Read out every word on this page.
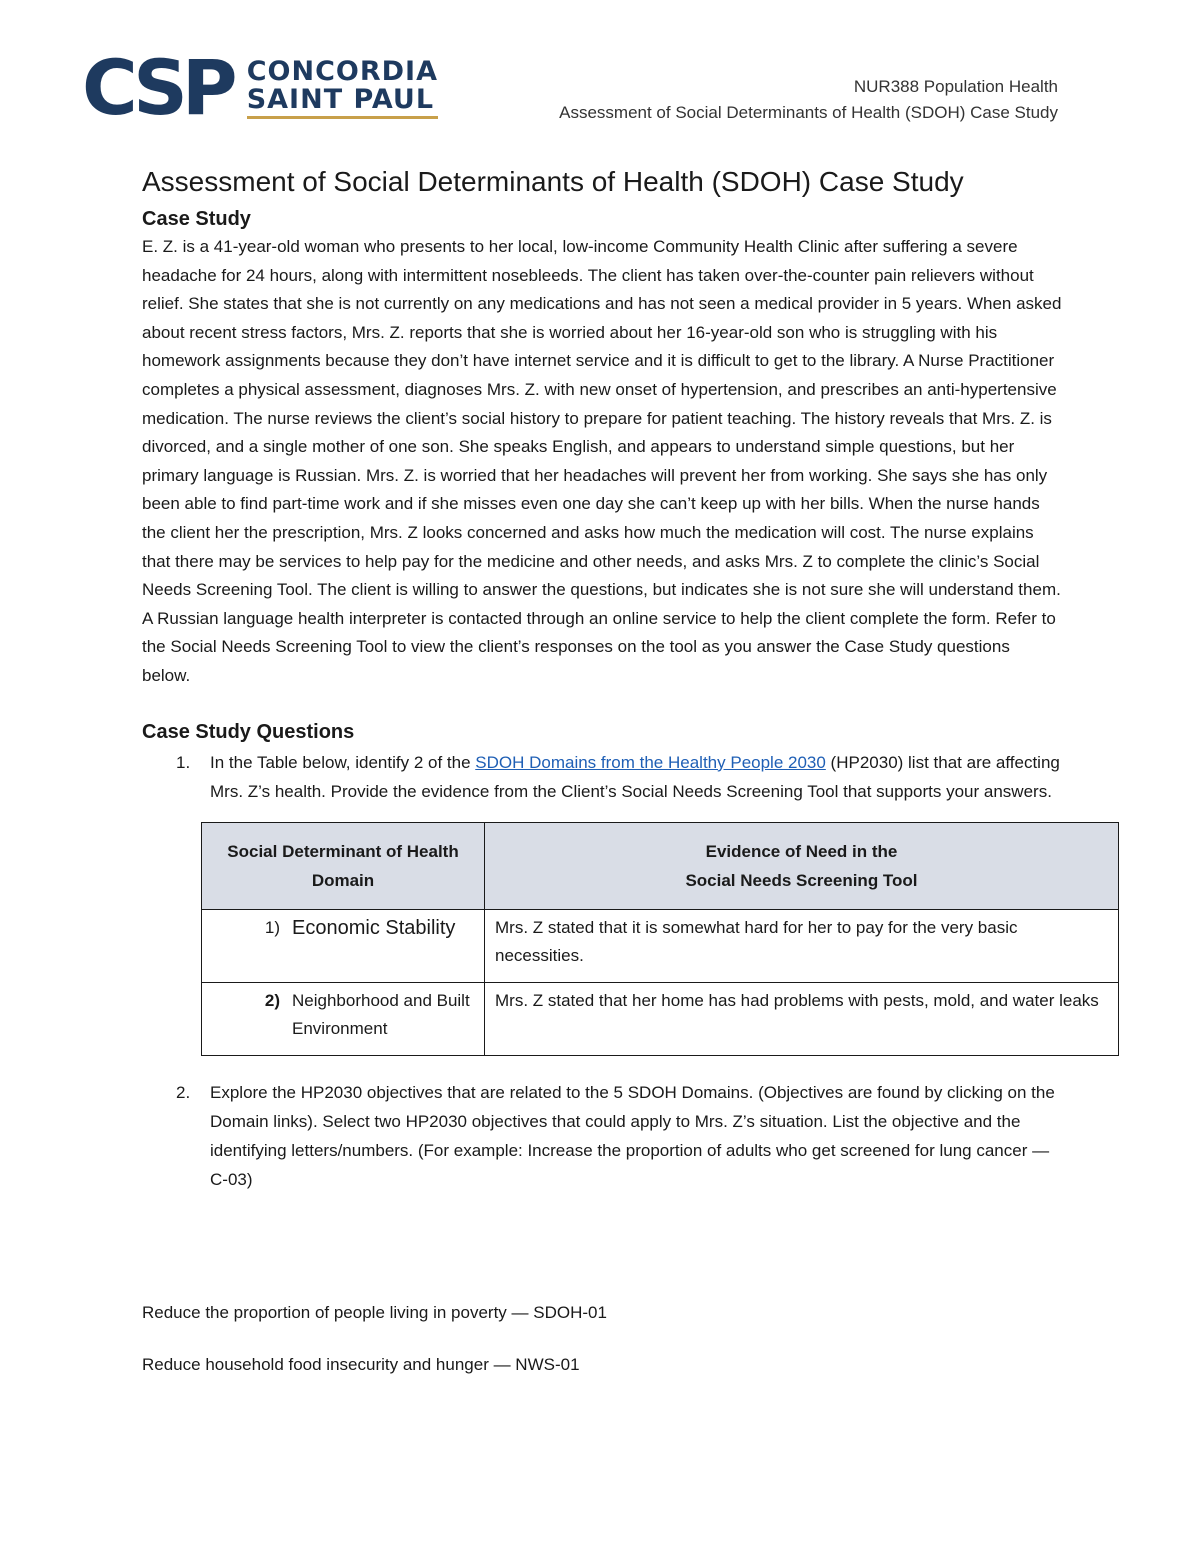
CSP CONCORDIA
SAINT PAUL	NUR388 Population Health
Assessment of Social Determinants of Health (SDOH) Case Study
Assessment of Social Determinants of Health (SDOH) Case Study
Case Study

E. Z. is a 41-year-old woman who presents to her local, low-income Community Health Clinic after suffering a severe headache for 24 hours, along with intermittent nosebleeds. The client has taken over-the-counter pain relievers without relief. She states that she is not currently on any medications and has not seen a medical provider in 5 years. When asked about recent stress factors, Mrs. Z. reports that she is worried about her 16-year-old son who is struggling with his homework assignments because they don’t have internet service and it is difficult to get to the library. A Nurse Practitioner completes a physical assessment, diagnoses Mrs. Z. with new onset of hypertension, and prescribes an anti-hypertensive medication. The nurse reviews the client’s social history to prepare for patient teaching. The history reveals that Mrs. Z. is divorced, and a single mother of one son. She speaks English, and appears to understand simple questions, but her primary language is Russian. Mrs. Z. is worried that her headaches will prevent her from working. She says she has only been able to find part-time work and if she misses even one day she can’t keep up with her bills. When the nurse hands the client her the prescription, Mrs. Z looks concerned and asks how much the medication will cost. The nurse explains that there may be services to help pay for the medicine and other needs, and asks Mrs. Z to complete the clinic’s Social Needs Screening Tool. The client is willing to answer the questions, but indicates she is not sure she will understand them. A Russian language health interpreter is contacted through an online service to help the client complete the form. Refer to the Social Needs Screening Tool to view the client’s responses on the tool as you answer the Case Study questions below.

Case Study Questions
1.	In the Table below, identify 2 of the SDOH Domains from the Healthy People 2030 (HP2030) list that are affecting Mrs. Z’s health. Provide the evidence from the Client’s Social Needs Screening Tool that supports your answers.
Social Determinant of Health Domain	Evidence of Need in the
Social Needs Screening Tool

1) Economic Stability	Mrs. Z stated that it is somewhat hard for her to pay for the very basic necessities.

2) Neighborhood and Built Environment	Mrs. Z stated that her home has had problems with pests, mold, and water leaks
2.	Explore the HP2030 objectives that are related to the 5 SDOH Domains. (Objectives are found by clicking on the Domain links). Select two HP2030 objectives that could apply to Mrs. Z’s situation. List the objective and the identifying letters/numbers. (For example: Increase the proportion of adults who get screened for lung cancer — C-03)

Reduce the proportion of people living in poverty — SDOH-01

Reduce household food insecurity and hunger — NWS-01
